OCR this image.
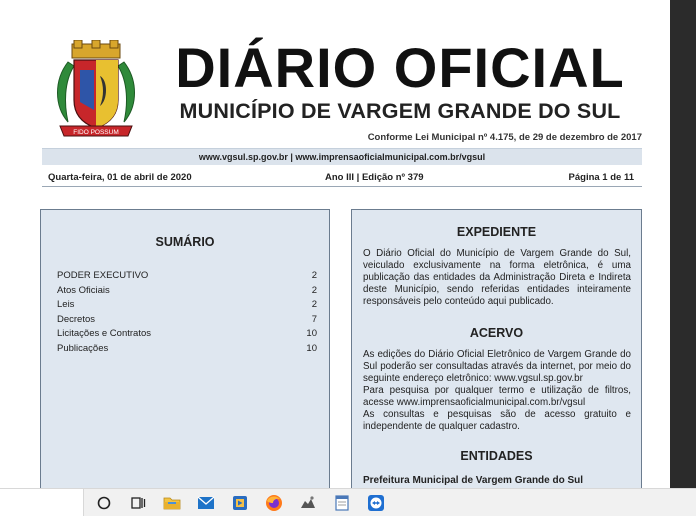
FIDO POSSUM
DIÁRIO OFICIAL
MUNICÍPIO DE VARGEM GRANDE DO SUL
Conforme Lei Municipal nº 4.175, de 29 de dezembro de 2017
www.vgsul.sp.gov.br | www.imprensaoficialmunicipal.com.br/vgsul
Quarta-feira, 01 de abril de 2020	Ano III | Edição nº 379	Página 1 de 11
SUMÁRIO
PODER EXECUTIVO	2
Atos Oficiais	2
Leis	2
Decretos	7
Licitações e Contratos	10
Publicações	10
EXPEDIENTE

O Diário Oficial do Município de Vargem Grande do Sul, veiculado exclusivamente na forma eletrônica, é uma publicação das entidades da Administração Direta e Indireta deste Município, sendo referidas entidades inteiramente responsáveis pelo conteúdo aqui publicado.

ACERVO

As edições do Diário Oficial Eletrônico de Vargem Grande do Sul poderão ser consultadas através da internet, por meio do seguinte endereço eletrônico: www.vgsul.sp.gov.br

Para pesquisa por qualquer termo e utilização de filtros, acesse www.imprensaoficialmunicipal.com.br/vgsul

As consultas e pesquisas são de acesso gratuito e independente de qualquer cadastro.

ENTIDADES
Prefeitura Municipal de Vargem Grande do Sul
